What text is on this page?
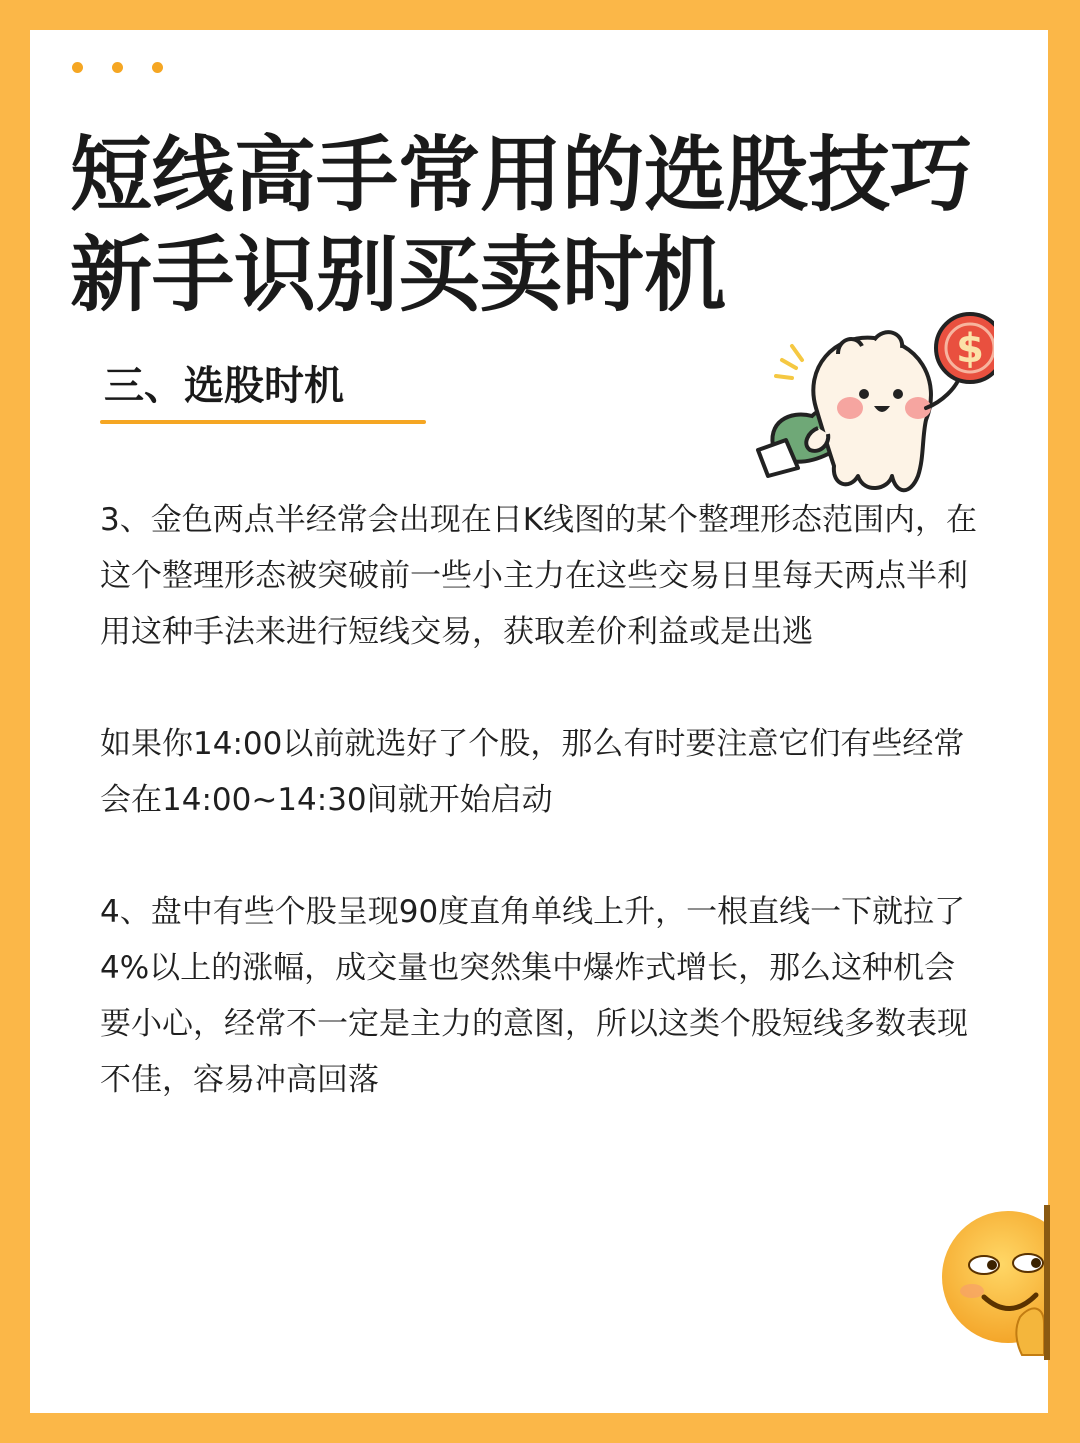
短线高手常用的选股技巧
新手识别买卖时机
三、选股时机
$

3、金色两点半经常会出现在日K线图的某个整理形态范围内，在这个整理形态被突破前一些小主力在这些交易日里每天两点半利用这种手法来进行短线交易，获取差价利益或是出逃

如果你14:00以前就选好了个股，那么有时要注意它们有些经常会在14:00~14:30间就开始启动

4、盘中有些个股呈现90度直角单线上升，一根直线一下就拉了4%以上的涨幅，成交量也突然集中爆炸式增长，那么这种机会要小心，经常不一定是主力的意图，所以这类个股短线多数表现不佳，容易冲高回落
